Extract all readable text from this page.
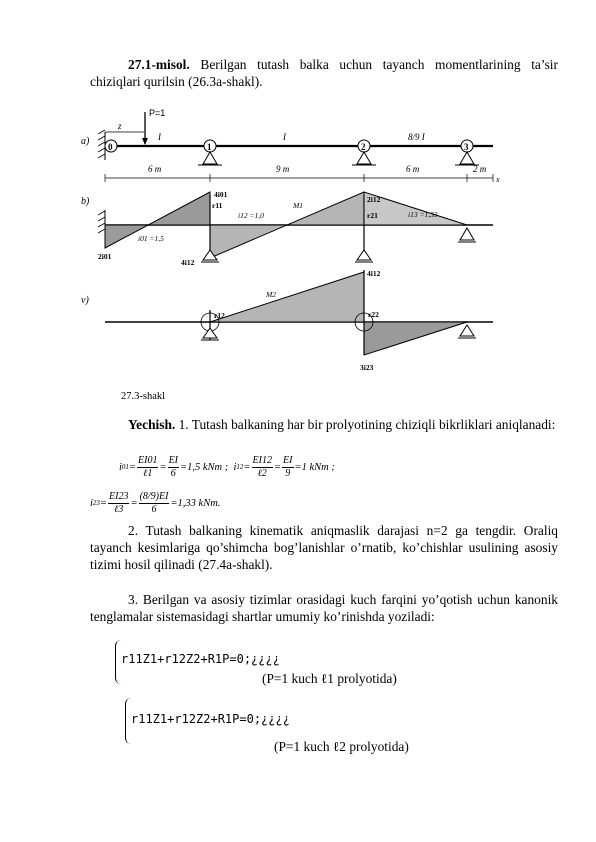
27.1-misol. Berilgan tutash balka uchun tayanch momentlarining ta’sir chiziqlari qurilsin (26.3a-shakl).
a)
P=1
z
0	1	2	3
I	I	8/9 I
6 m	9 m	6 m	2 m
x
b)
4i01
r11
i12 =1,0
M1
2i12
r21	i13 =1,33
i01 =1,5
2i01
4i12
v)
M2
4i12
r12	r22
3i23
27.3-shakl
Yechish. 1. Tutash balkaning har bir prolyotining chiziqli bikrliklari aniqlanadi:
i $01 = \frac{EI01}{\text{ℓ1}} = \frac{EI}{6} =1,5$ kNm ;
i $12 = \frac{EI12}{\text{ℓ2}} = \frac{EI}{9} =1$ kNm ;
i $23 = \frac{EI23}{\text{ℓ3}} = \frac{(8/9)EI}{6} =1,33$ kNm.
2. Tutash balkaning kinematik aniqmaslik darajasi n=2 ga tengdir. Oraliq tayanch kesimlariga qo’shimcha bog’lanishlar o’rnatib, ko’chishlar usulining asosiy tizimi hosil qilinadi (27.4a-shakl).
3. Berilgan va asosiy tizimlar orasidagi kuch farqini yo’qotish uchun kanonik tenglamalar sistemasidagi shartlar umumiy ko’rinishda yoziladi:
r11Z1+r12Z2+R1P=0;¿¿¿¿
(P=1 kuch ℓ1 prolyotida)
r11Z1+r12Z2+R1P=0;¿¿¿¿
(P=1 kuch ℓ2 prolyotida)
